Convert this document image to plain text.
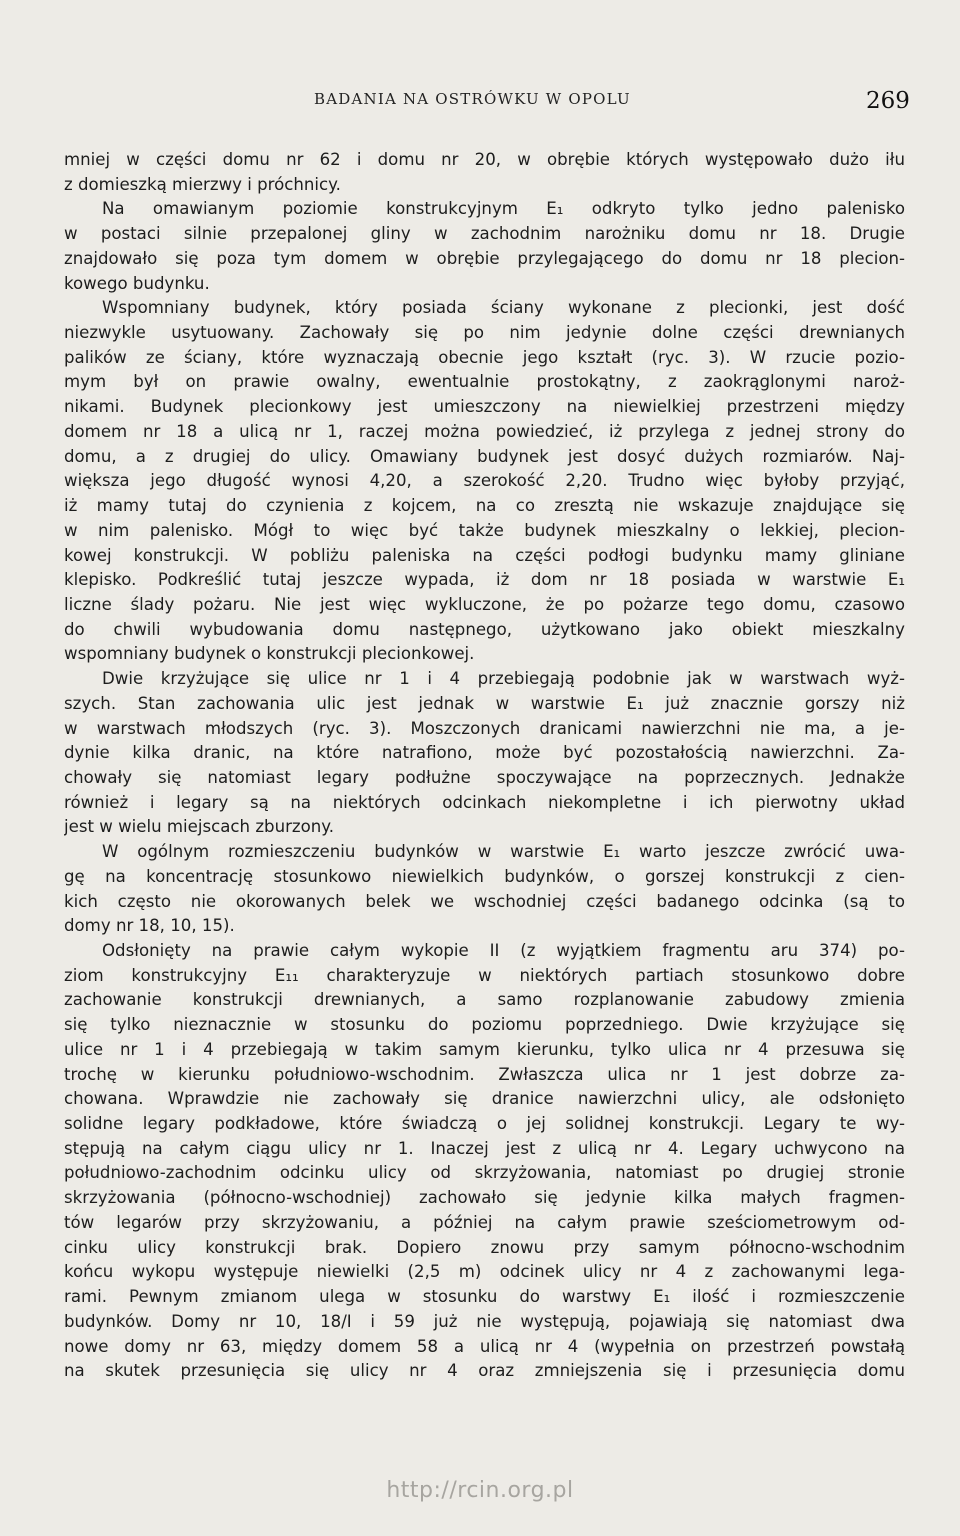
BADANIA NA OSTRÓWKU W OPOLU	269
mniej w części domu nr 62 i domu nr 20, w obrębie których występowało dużo iłu
z domieszką mierzwy i próchnicy.
Na omawianym poziomie konstrukcyjnym E₁ odkryto tylko jedno palenisko
w postaci silnie przepalonej gliny w zachodnim narożniku domu nr 18. Drugie
znajdowało się poza tym domem w obrębie przylegającego do domu nr 18 plecion-
kowego budynku.
Wspomniany budynek, który posiada ściany wykonane z plecionki, jest dość
niezwykle usytuowany. Zachowały się po nim jedynie dolne części drewnianych
palików ze ściany, które wyznaczają obecnie jego kształt (ryc. 3). W rzucie pozio-
mym był on prawie owalny, ewentualnie prostokątny, z zaokrąglonymi naroż-
nikami. Budynek plecionkowy jest umieszczony na niewielkiej przestrzeni między
domem nr 18 a ulicą nr 1, raczej można powiedzieć, iż przylega z jednej strony do
domu, a z drugiej do ulicy. Omawiany budynek jest dosyć dużych rozmiarów. Naj-
większa jego długość wynosi 4,20, a szerokość 2,20. Trudno więc byłoby przyjąć,
iż mamy tutaj do czynienia z kojcem, na co zresztą nie wskazuje znajdujące się
w nim palenisko. Mógł to więc być także budynek mieszkalny o lekkiej, plecion-
kowej konstrukcji. W pobliżu paleniska na części podłogi budynku mamy gliniane
klepisko. Podkreślić tutaj jeszcze wypada, iż dom nr 18 posiada w warstwie E₁
liczne ślady pożaru. Nie jest więc wykluczone, że po pożarze tego domu, czasowo
do chwili wybudowania domu następnego, użytkowano jako obiekt mieszkalny
wspomniany budynek o konstrukcji plecionkowej.
Dwie krzyżujące się ulice nr 1 i 4 przebiegają podobnie jak w warstwach wyż-
szych. Stan zachowania ulic jest jednak w warstwie E₁ już znacznie gorszy niż
w warstwach młodszych (ryc. 3). Moszczonych dranicami nawierzchni nie ma, a je-
dynie kilka dranic, na które natrafiono, może być pozostałością nawierzchni. Za-
chowały się natomiast legary podłużne spoczywające na poprzecznych. Jednakże
również i legary są na niektórych odcinkach niekompletne i ich pierwotny układ
jest w wielu miejscach zburzony.
W ogólnym rozmieszczeniu budynków w warstwie E₁ warto jeszcze zwrócić uwa-
gę na koncentrację stosunkowo niewielkich budynków, o gorszej konstrukcji z cien-
kich często nie okorowanych belek we wschodniej części badanego odcinka (są to
domy nr 18, 10, 15).
Odsłonięty na prawie całym wykopie II (z wyjątkiem fragmentu aru 374) po-
ziom konstrukcyjny E₁₁ charakteryzuje w niektórych partiach stosunkowo dobre
zachowanie konstrukcji drewnianych, a samo rozplanowanie zabudowy zmienia
się tylko nieznacznie w stosunku do poziomu poprzedniego. Dwie krzyżujące się
ulice nr 1 i 4 przebiegają w takim samym kierunku, tylko ulica nr 4 przesuwa się
trochę w kierunku południowo-wschodnim. Zwłaszcza ulica nr 1 jest dobrze za-
chowana. Wprawdzie nie zachowały się dranice nawierzchni ulicy, ale odsłonięto
solidne legary podkładowe, które świadczą o jej solidnej konstrukcji. Legary te wy-
stępują na całym ciągu ulicy nr 1. Inaczej jest z ulicą nr 4. Legary uchwycono na
południowo-zachodnim odcinku ulicy od skrzyżowania, natomiast po drugiej stronie
skrzyżowania (północno-wschodniej) zachowało się jedynie kilka małych fragmen-
tów legarów przy skrzyżowaniu, a później na całym prawie sześciometrowym od-
cinku ulicy konstrukcji brak. Dopiero znowu przy samym północno-wschodnim
końcu wykopu występuje niewielki (2,5 m) odcinek ulicy nr 4 z zachowanymi lega-
rami. Pewnym zmianom ulega w stosunku do warstwy E₁ ilość i rozmieszczenie
budynków. Domy nr 10, 18/I i 59 już nie występują, pojawiają się natomiast dwa
nowe domy nr 63, między domem 58 a ulicą nr 4 (wypełnia on przestrzeń powstałą
na skutek przesunięcia się ulicy nr 4 oraz zmniejszenia się i przesunięcia domu
http://rcin.org.pl
